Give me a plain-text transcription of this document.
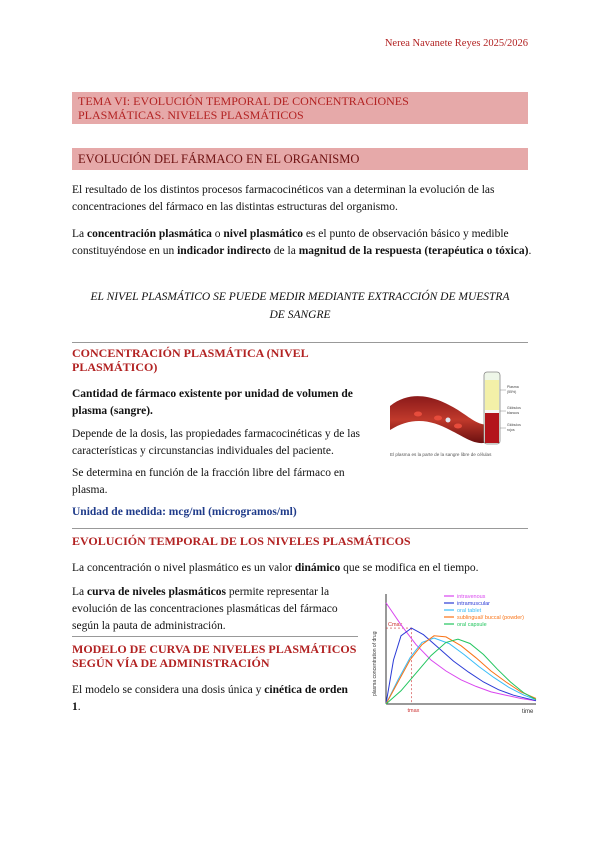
Nerea Navanete Reyes 2025/2026
TEMA VI: EVOLUCIÓN TEMPORAL DE CONCENTRACIONES
PLASMÁTICAS. NIVELES PLASMÁTICOS
EVOLUCIÓN DEL FÁRMACO EN EL ORGANISMO
El resultado de los distintos procesos farmacocinéticos van a determinan la evolución de las concentraciones del fármaco en las distintas estructuras del organismo.
La concentración plasmática o nivel plasmático es el punto de observación básico y medible constituyéndose en un indicador indirecto de la magnitud de la respuesta (terapéutica o tóxica).
EL NIVEL PLASMÁTICO SE PUEDE MEDIR MEDIANTE EXTRACCIÓN DE MUESTRA
DE SANGRE
CONCENTRACIÓN PLASMÁTICA (NIVEL
PLASMÁTICO)
Cantidad de fármaco existente por unidad de volumen de plasma (sangre).
Depende de la dosis, las propiedades farmacocinéticas y de las características y circunstancias individuales del paciente.
Se determina en función de la fracción libre del fármaco en plasma.
Unidad de medida: mcg/ml (microgramos/ml)
Plasma
(55%)
Glóbulos
blancos
Glóbulos
rojos
El plasma es la parte de la sangre libre de células
EVOLUCIÓN TEMPORAL DE LOS NIVELES PLASMÁTICOS
La concentración o nivel plasmático es un valor dinámico que se modifica en el tiempo.
La curva de niveles plasmáticos permite representar la evolución de las concentraciones plasmáticas del fármaco según la pauta de administración.
MODELO DE CURVA DE NIVELES PLASMÁTICOS
SEGÚN VÍA DE ADMINISTRACIÓN
El modelo se considera una dosis única y cinética de orden 1.	time
plasma concentration of drug
Cmax
tmax
intravenous
intramuscular
oral tablet
sublingual/ buccal (powder)
oral capsule
